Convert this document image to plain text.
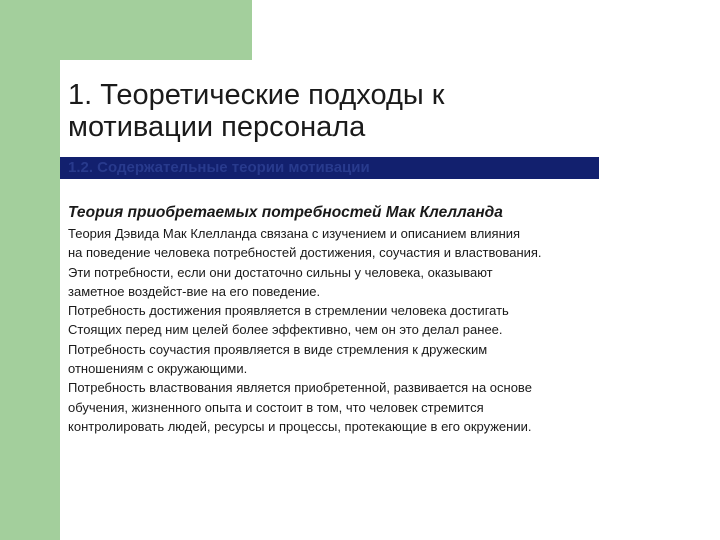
1. Теоретические подходы к
мотивации персонала
1.2. Содержательные теории мотивации
Теория приобретаемых потребностей Мак Клелланда
Теория Дэвида Мак Клелланда связана с изучением и описанием влияния
на поведение человека потребностей достижения, соучастия и властвования.
Эти потребности, если они достаточно сильны у человека, оказывают
заметное воздейст-вие на его поведение.
Потребность достижения проявляется в стремлении человека достигать
Стоящих перед ним целей более эффективно, чем он это делал ранее.
Потребность соучастия проявляется в виде стремления к дружеским
отношениям с окружающими.
Потребность властвования является приобретенной, развивается на основе
обучения, жизненного опыта и состоит в том, что человек стремится
контролировать людей, ресурсы и процессы, протекающие в его окружении.
